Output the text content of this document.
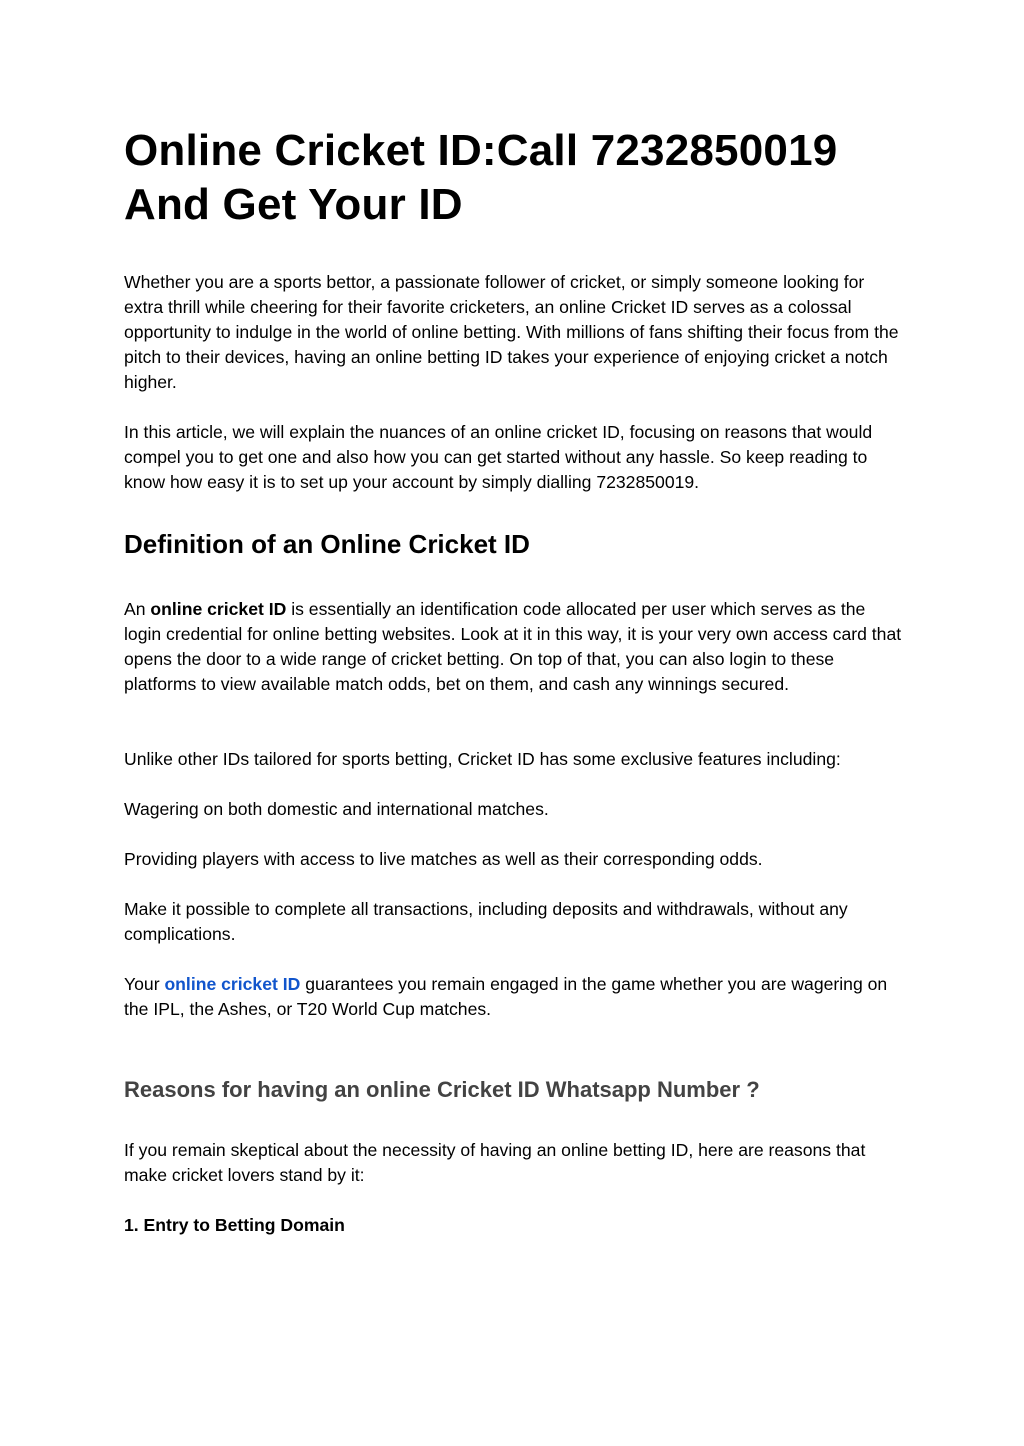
Online Cricket ID:Call 7232850019
And Get Your ID

Whether you are a sports bettor, a passionate follower of cricket, or simply someone looking for extra thrill while cheering for their favorite cricketers, an online Cricket ID serves as a colossal opportunity to indulge in the world of online betting. With millions of fans shifting their focus from the pitch to their devices, having an online betting ID takes your experience of enjoying cricket a notch higher.

In this article, we will explain the nuances of an online cricket ID, focusing on reasons that would compel you to get one and also how you can get started without any hassle. So keep reading to know how easy it is to set up your account by simply dialling 7232850019.

Definition of an Online Cricket ID

An online cricket ID is essentially an identification code allocated per user which serves as the login credential for online betting websites. Look at it in this way, it is your very own access card that opens the door to a wide range of cricket betting. On top of that, you can also login to these platforms to view available match odds, bet on them, and cash any winnings secured.

Unlike other IDs tailored for sports betting, Cricket ID has some exclusive features including:

Wagering on both domestic and international matches.

Providing players with access to live matches as well as their corresponding odds.

Make it possible to complete all transactions, including deposits and withdrawals, without any complications.

Your online cricket ID guarantees you remain engaged in the game whether you are wagering on the IPL, the Ashes, or T20 World Cup matches.

Reasons for having an online Cricket ID Whatsapp Number ?

If you remain skeptical about the necessity of having an online betting ID, here are reasons that make cricket lovers stand by it:

1. Entry to Betting Domain
